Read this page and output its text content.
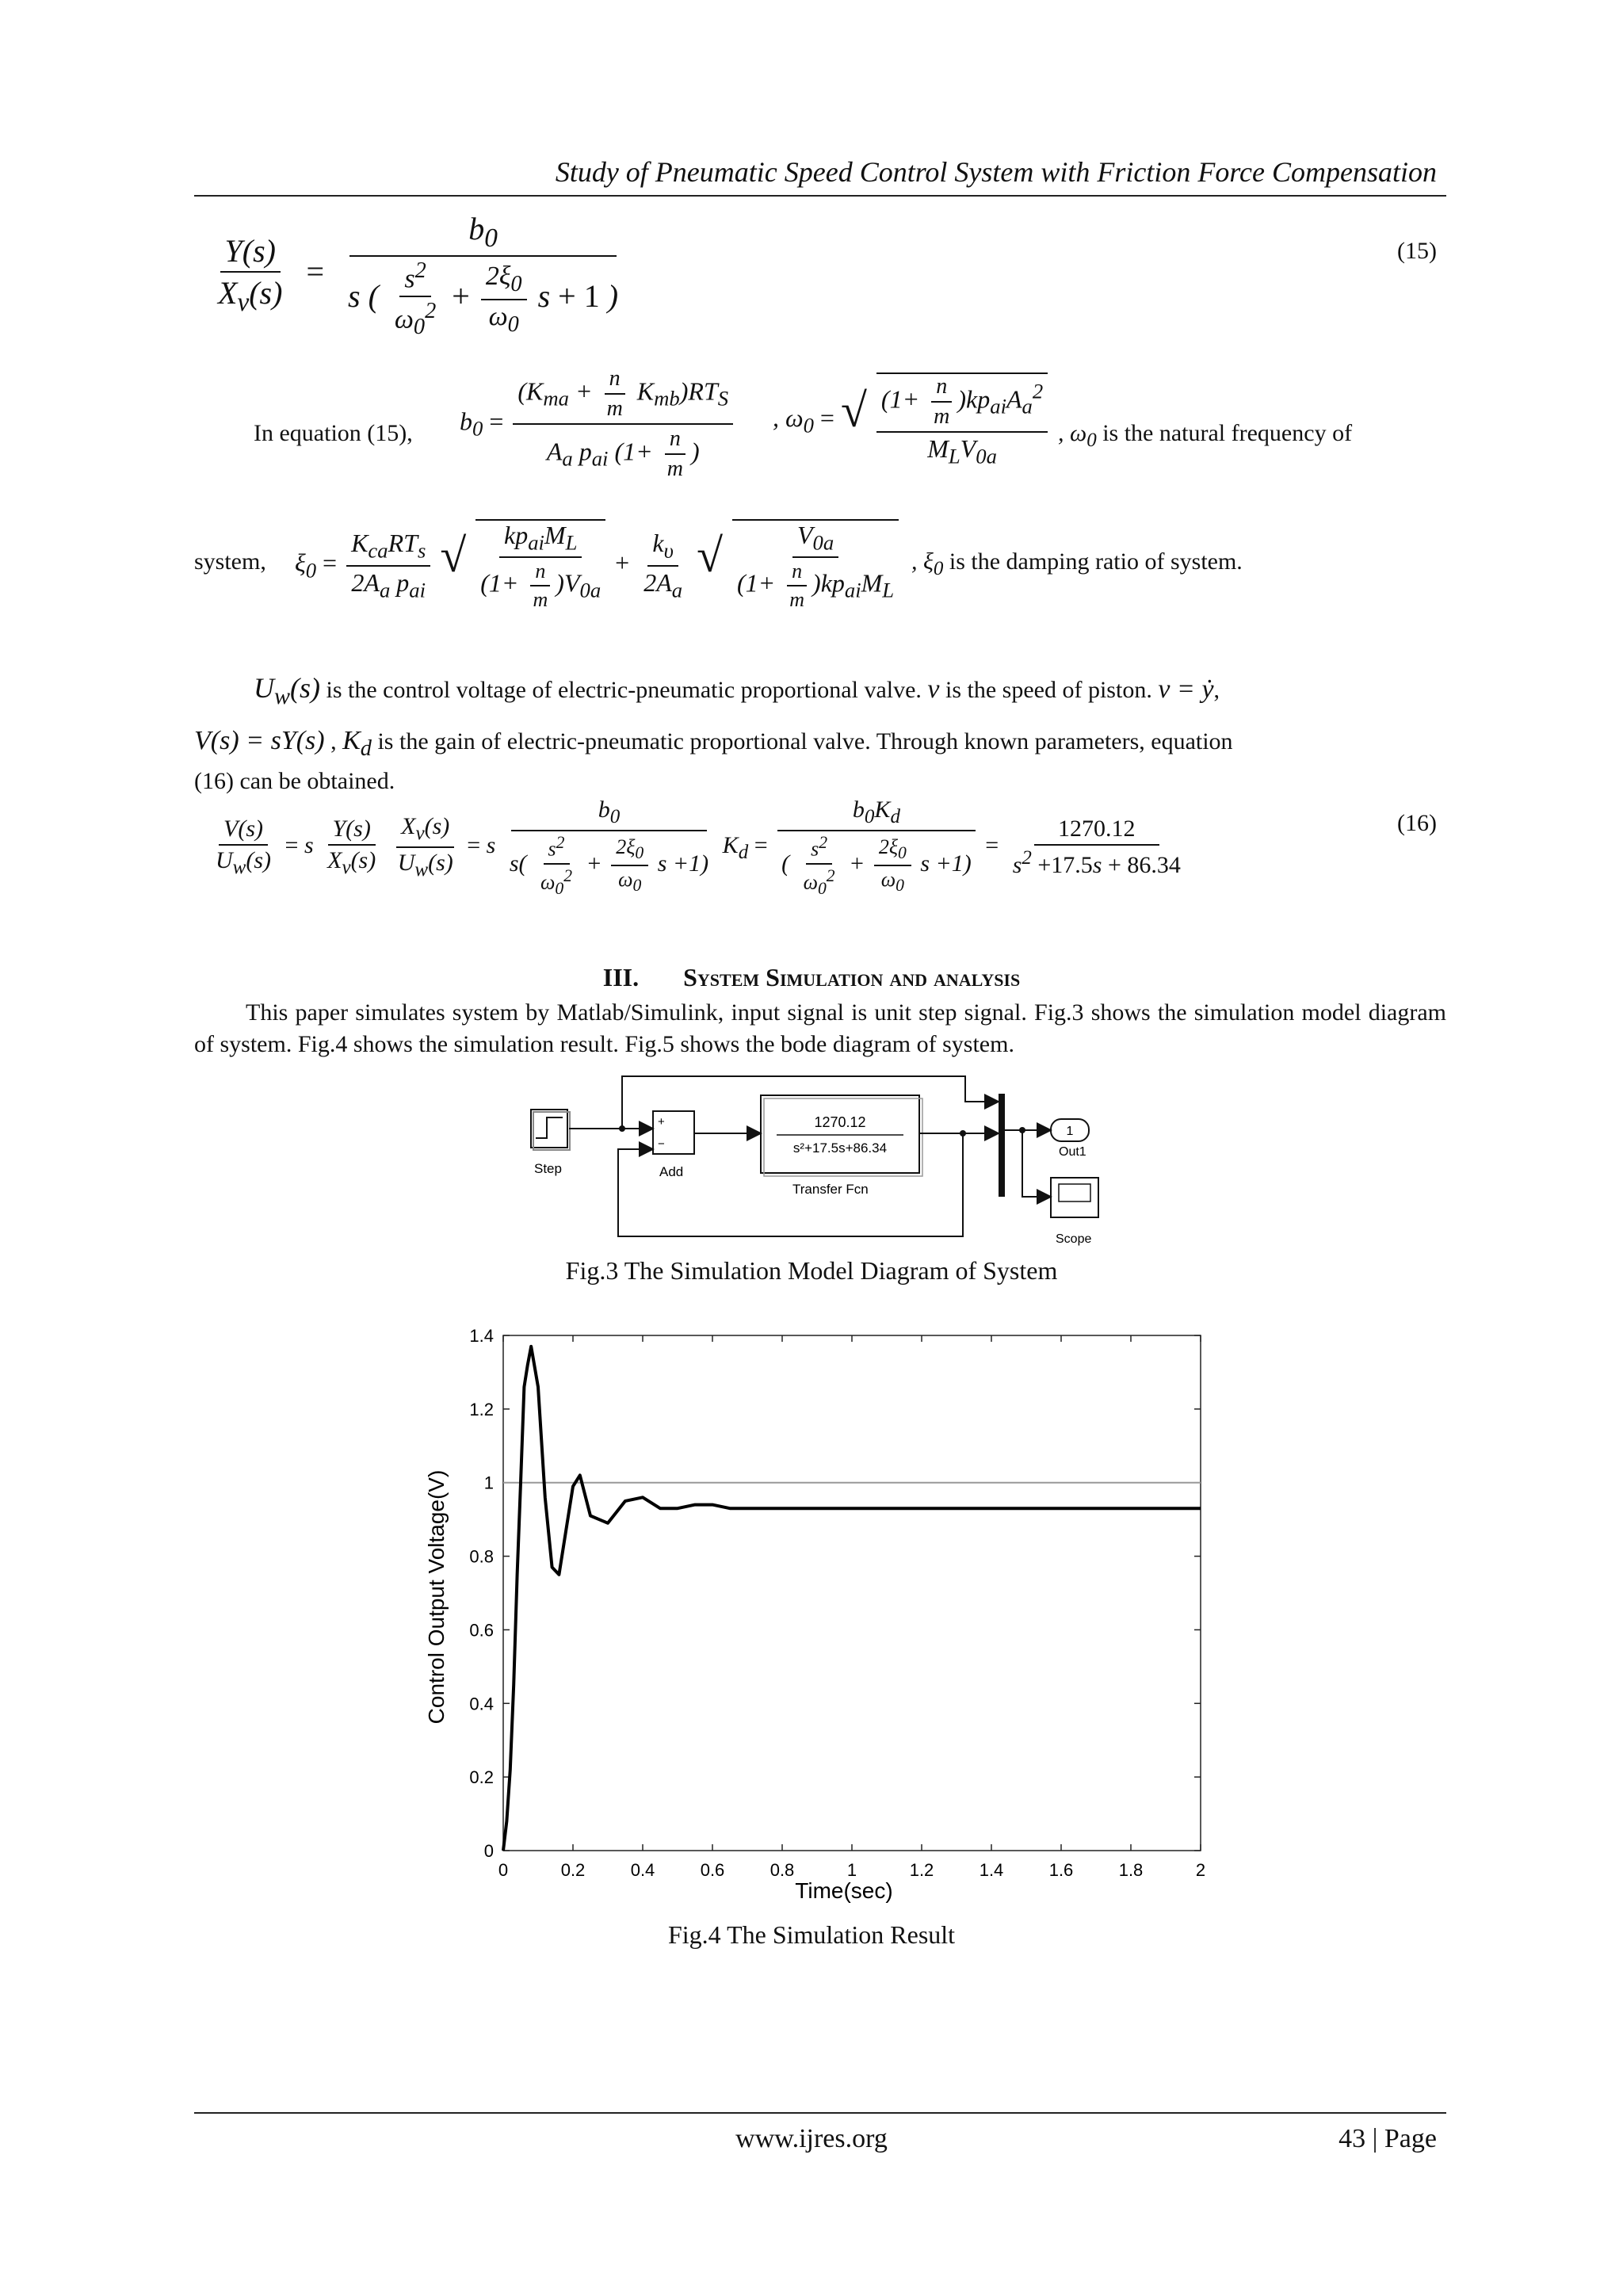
Study of Pneumatic Speed Control System with Friction Force Compensation
$\frac{Y(s)}{X_v(s)} = \frac{b_0}{s ( \frac{s^2}{\omega_0^2} + \frac{2\xi_0}{\omega_0} s + 1 )}$	(15)
In equation (15), $b_0 = \frac{(K_{ma} + \frac{n}{m} K_{mb})RT_S}{A_a p_{ai} (1+ \frac{n}{m} )}$ , $\omega_0$ = √ $\frac{(1+ \frac{n}{m} )kp_{ai}A_a^2}{M_LV_{0a}}$ , $\omega_0$ is the natural frequency of
system, $\xi_0 = \frac{K_{ca}RT_s}{2A_a p_{ai}}$ √ $\frac{kp_{ai}M_L}{(1+ \frac{n}{m} )V_{0a}} + \frac{k_\upsilon}{2A_a}$ √ $\frac{V_{0a}}{(1+ \frac{n}{m} )kp_{ai}M_L}$ , $\xi_0$ is the damping ratio of system.
$U_w(s)$ is the control voltage of electric-pneumatic proportional valve. v is the speed of piston. v = ẏ,
V(s) = sY(s) , $K_d$ is the gain of electric-pneumatic proportional valve. Through known parameters, equation
(16) can be obtained.
$\frac{V(s)}{U_w(s)} = s \frac{Y(s)}{X_v(s)}$
$\frac{X_v(s)}{U_w(s)} = s \frac{b_0}{s( \frac{s^2}{\omega_0^2} + \frac{2\xi_0}{\omega_0} s +1)} K_d = \frac{b_0K_d}{( \frac{s^2}{\omega_0^2} + \frac{2\xi_0}{\omega_0} s +1)} = \frac{1270.12}{s^2 +17.5s + 86.34}$	(16)
III. System Simulation and analysis
This paper simulates system by Matlab/Simulink, input signal is unit step signal. Fig.3 shows the simulation model diagram of system. Fig.4 shows the simulation result. Fig.5 shows the bode diagram of system.
Step
+
−
Add
1270.12
s²+17.5s+86.34
Transfer Fcn
1
Out1
Scope
Fig.3 The Simulation Model Diagram of System
Control Output Voltage(V)
Time(sec)
0	0.2	0.4	0.6	0.8	1	1.2	1.4	1.6	1.8	2
0
0.2
0.4
0.6
0.8
1
1.2
1.4
Fig.4 The Simulation Result
www.ijres.org	43 | Page
